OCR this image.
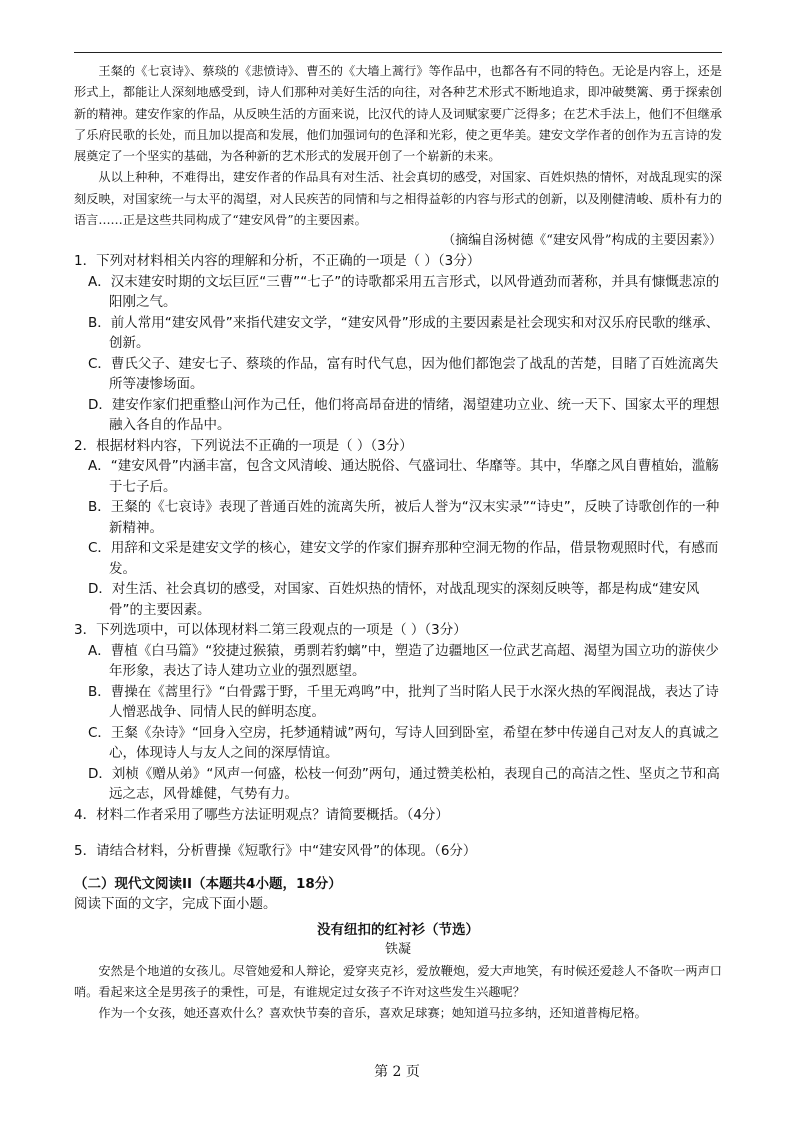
王粲的《七哀诗》、蔡琰的《悲愤诗》、曹丕的《大墙上蒿行》等作品中，也都各有不同的特色。无论是内容上，还是形式上，都能让人深刻地感受到，诗人们那种对美好生活的向往，对各种艺术形式不断地追求，即冲破樊篱、勇于探索创新的精神。建安作家的作品，从反映生活的方面来说，比汉代的诗人及词赋家要广泛得多；在艺术手法上，他们不但继承了乐府民歌的长处，而且加以提高和发展，他们加强词句的色泽和光彩，使之更华美。建安文学作者的创作为五言诗的发展奠定了一个坚实的基础，为各种新的艺术形式的发展开创了一个崭新的未来。

从以上种种，不难得出，建安作者的作品具有对生活、社会真切的感受，对国家、百姓炽热的情怀，对战乱现实的深刻反映，对国家统一与太平的渴望，对人民疾苦的同情和与之相得益彰的内容与形式的创新，以及刚健清峻、质朴有力的语言……正是这些共同构成了“建安风骨”的主要因素。

（摘编自汤树德《“建安风骨”构成的主要因素》）

1．下列对材料相关内容的理解和分析，不正确的一项是（ ）（3分）

A．汉末建安时期的文坛巨匠“三曹”“七子”的诗歌都采用五言形式，以风骨遒劲而著称，并具有慷慨悲凉的阳刚之气。

B．前人常用“建安风骨”来指代建安文学，“建安风骨”形成的主要因素是社会现实和对汉乐府民歌的继承、创新。

C．曹氏父子、建安七子、蔡琰的作品，富有时代气息，因为他们都饱尝了战乱的苦楚，目睹了百姓流离失所等凄惨场面。

D．建安作家们把重整山河作为己任，他们将高昂奋进的情绪，渴望建功立业、统一天下、国家太平的理想融入各自的作品中。

2．根据材料内容，下列说法不正确的一项是（ ）（3分）

A．“建安风骨”内涵丰富，包含文风清峻、通达脱俗、气盛词壮、华靡等。其中，华靡之风自曹植始，滥觞于七子后。

B．王粲的《七哀诗》表现了普通百姓的流离失所，被后人誉为“汉末实录”“诗史”，反映了诗歌创作的一种新精神。

C．用辞和文采是建安文学的核心，建安文学的作家们摒弃那种空洞无物的作品，借景物观照时代，有感而发。

D．对生活、社会真切的感受，对国家、百姓炽热的情怀，对战乱现实的深刻反映等，都是构成“建安风骨”的主要因素。

3．下列选项中，可以体现材料二第三段观点的一项是（ ）（3分）

A．曹植《白马篇》“狡捷过猴猿，勇剽若豹螭”中，塑造了边疆地区一位武艺高超、渴望为国立功的游侠少年形象，表达了诗人建功立业的强烈愿望。

B．曹操在《蒿里行》“白骨露于野，千里无鸡鸣”中，批判了当时陷人民于水深火热的军阀混战，表达了诗人憎恶战争、同情人民的鲜明态度。

C．王粲《杂诗》“回身入空房，托梦通精诚”两句，写诗人回到卧室，希望在梦中传递自己对友人的真诚之心，体现诗人与友人之间的深厚情谊。

D．刘桢《赠从弟》“风声一何盛，松枝一何劲”两句，通过赞美松柏，表现自己的高洁之性、坚贞之节和高远之志，风骨雄健，气势有力。

4．材料二作者采用了哪些方法证明观点？请简要概括。（4分）

5．请结合材料，分析曹操《短歌行》中“建安风骨”的体现。（6分）

（二）现代文阅读II（本题共4小题，18分）

阅读下面的文字，完成下面小题。

没有纽扣的红衬衫（节选）
铁凝

安然是个地道的女孩儿。尽管她爱和人辩论，爱穿夹克衫，爱放鞭炮，爱大声地笑，有时候还爱趁人不备吹一两声口哨。看起来这全是男孩子的秉性，可是，有谁规定过女孩子不许对这些发生兴趣呢？

作为一个女孩，她还喜欢什么？喜欢快节奏的音乐，喜欢足球赛；她知道马拉多纳，还知道普梅尼格。

第 2 页
